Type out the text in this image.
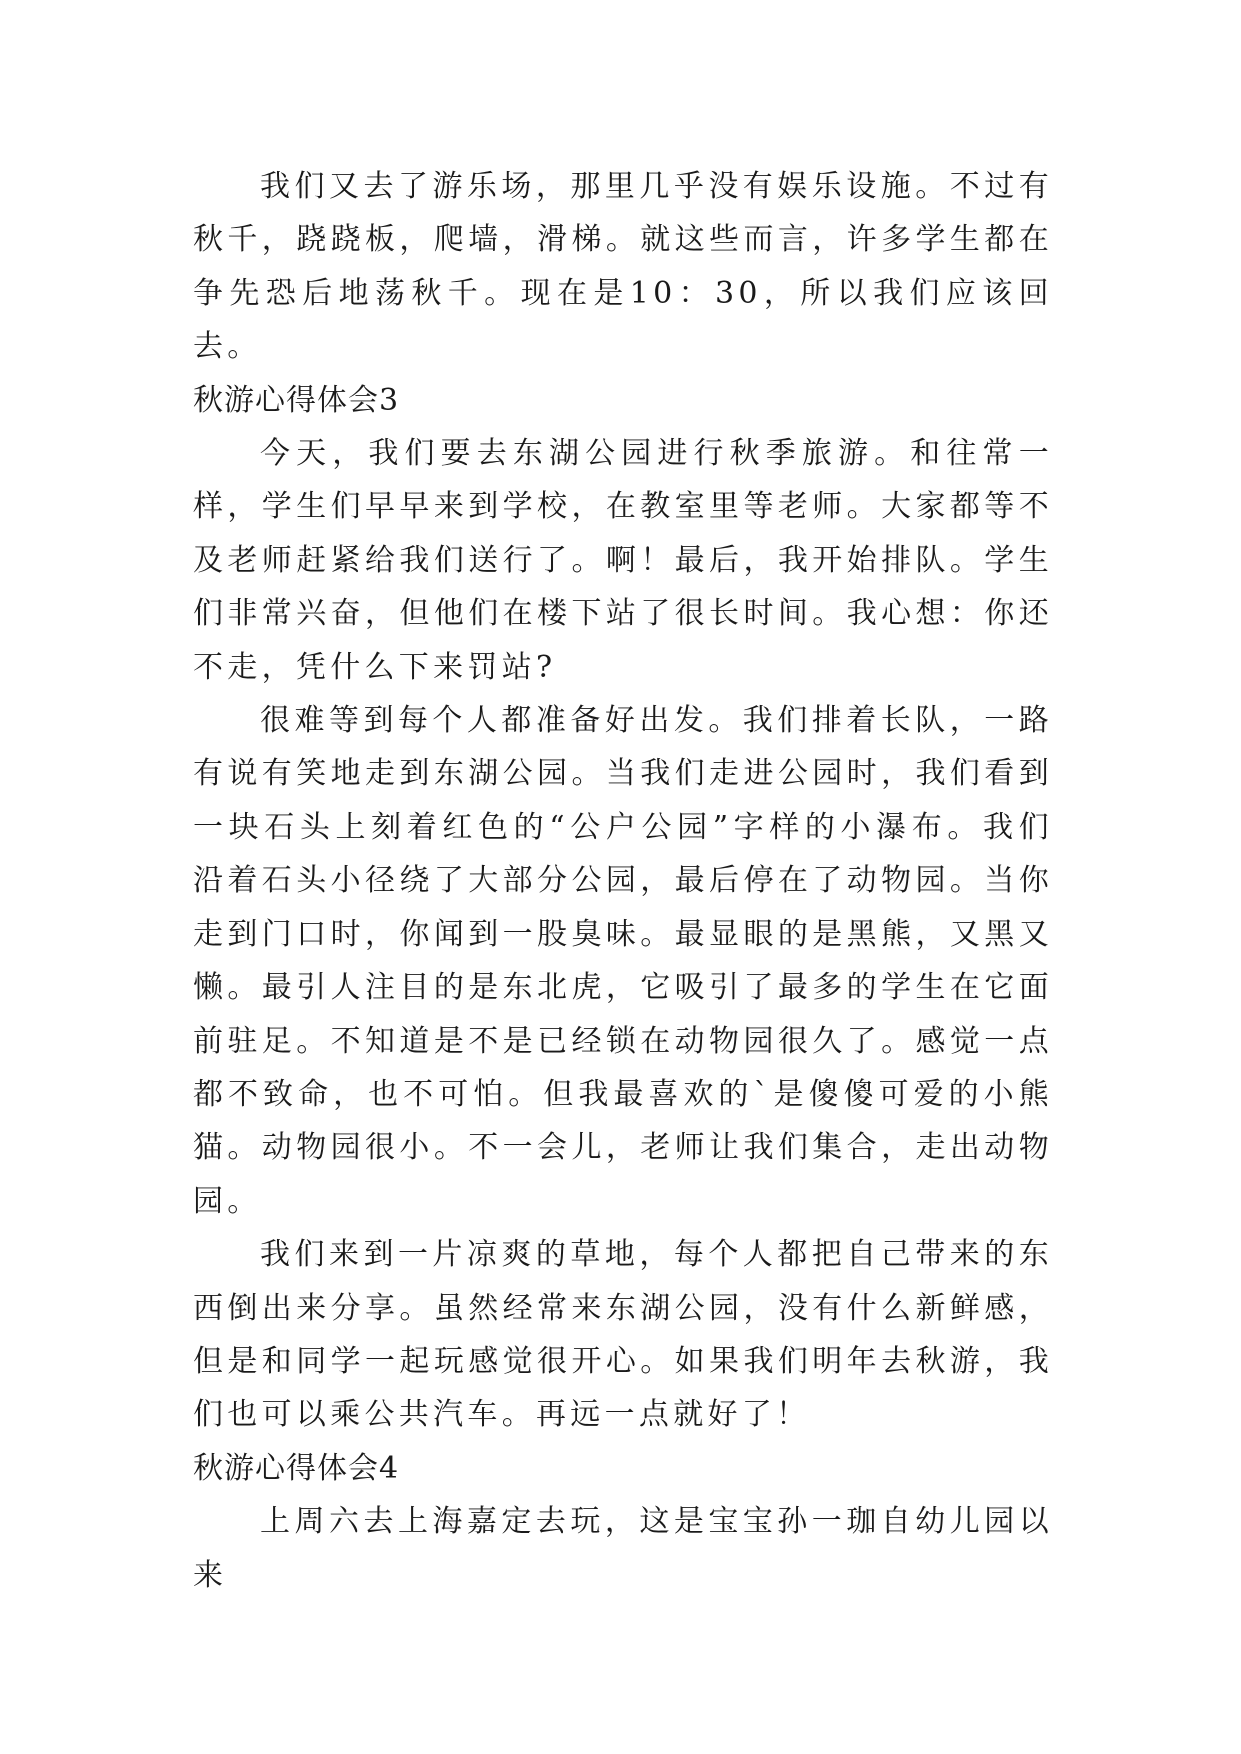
我们又去了游乐场，那里几乎没有娱乐设施。不过有秋千，跷跷板，爬墙，滑梯。就这些而言，许多学生都在争先恐后地荡秋千。现在是10：30，所以我们应该回去。

秋游心得体会3

今天，我们要去东湖公园进行秋季旅游。和往常一样，学生们早早来到学校，在教室里等老师。大家都等不及老师赶紧给我们送行了。啊！最后，我开始排队。学生们非常兴奋，但他们在楼下站了很长时间。我心想：你还不走，凭什么下来罚站?

很难等到每个人都准备好出发。我们排着长队，一路有说有笑地走到东湖公园。当我们走进公园时，我们看到一块石头上刻着红色的“公户公园”字样的小瀑布。我们沿着石头小径绕了大部分公园，最后停在了动物园。当你走到门口时，你闻到一股臭味。最显眼的是黑熊，又黑又懒。最引人注目的是东北虎，它吸引了最多的学生在它面前驻足。不知道是不是已经锁在动物园很久了。感觉一点都不致命，也不可怕。但我最喜欢的`是傻傻可爱的小熊猫。动物园很小。不一会儿，老师让我们集合，走出动物园。

我们来到一片凉爽的草地，每个人都把自己带来的东西倒出来分享。虽然经常来东湖公园，没有什么新鲜感，但是和同学一起玩感觉很开心。如果我们明年去秋游，我们也可以乘公共汽车。再远一点就好了！

秋游心得体会4

上周六去上海嘉定去玩，这是宝宝孙一珈自幼儿园以来
